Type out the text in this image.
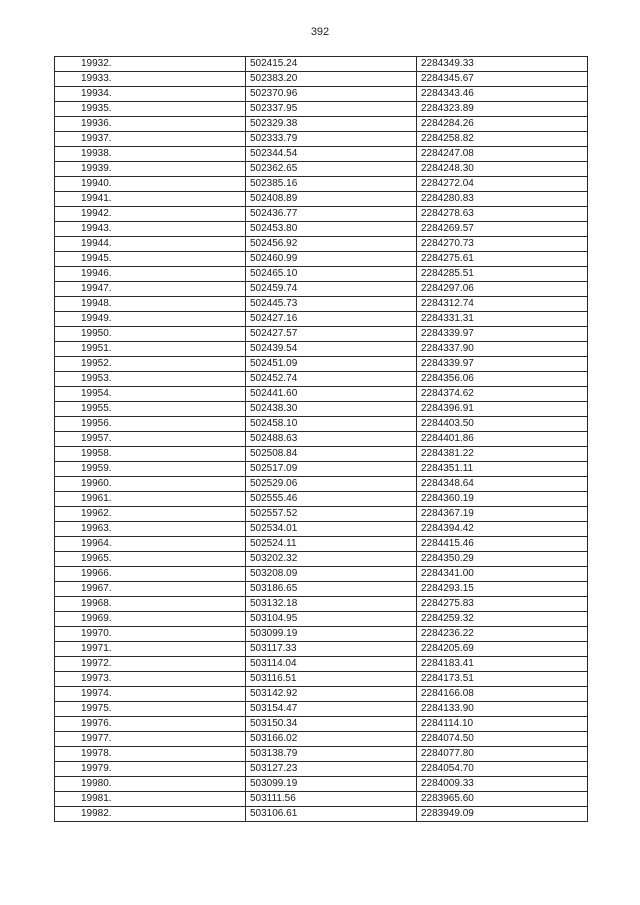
392
19932.	502415.24	2284349.33
19933.	502383.20	2284345.67
19934.	502370.96	2284343.46
19935.	502337.95	2284323.89
19936.	502329.38	2284284.26
19937.	502333.79	2284258.82
19938.	502344.54	2284247.08
19939.	502362.65	2284248.30
19940.	502385.16	2284272.04
19941.	502408.89	2284280.83
19942.	502436.77	2284278.63
19943.	502453.80	2284269.57
19944.	502456.92	2284270.73
19945.	502460.99	2284275.61
19946.	502465.10	2284285.51
19947.	502459.74	2284297.06
19948.	502445.73	2284312.74
19949.	502427.16	2284331.31
19950.	502427.57	2284339.97
19951.	502439.54	2284337.90
19952.	502451.09	2284339.97
19953.	502452.74	2284356.06
19954.	502441.60	2284374.62
19955.	502438.30	2284396.91
19956.	502458.10	2284403.50
19957.	502488.63	2284401.86
19958.	502508.84	2284381.22
19959.	502517.09	2284351.11
19960.	502529.06	2284348.64
19961.	502555.46	2284360.19
19962.	502557.52	2284367.19
19963.	502534.01	2284394.42
19964.	502524.11	2284415.46
19965.	503202.32	2284350.29
19966.	503208.09	2284341.00
19967.	503186.65	2284293.15
19968.	503132.18	2284275.83
19969.	503104.95	2284259.32
19970.	503099.19	2284236.22
19971.	503117.33	2284205.69
19972.	503114.04	2284183.41
19973.	503116.51	2284173.51
19974.	503142.92	2284166.08
19975.	503154.47	2284133.90
19976.	503150.34	2284114.10
19977.	503166.02	2284074.50
19978.	503138.79	2284077.80
19979.	503127.23	2284054.70
19980.	503099.19	2284009.33
19981.	503111.56	2283965.60
19982.	503106.61	2283949.09
